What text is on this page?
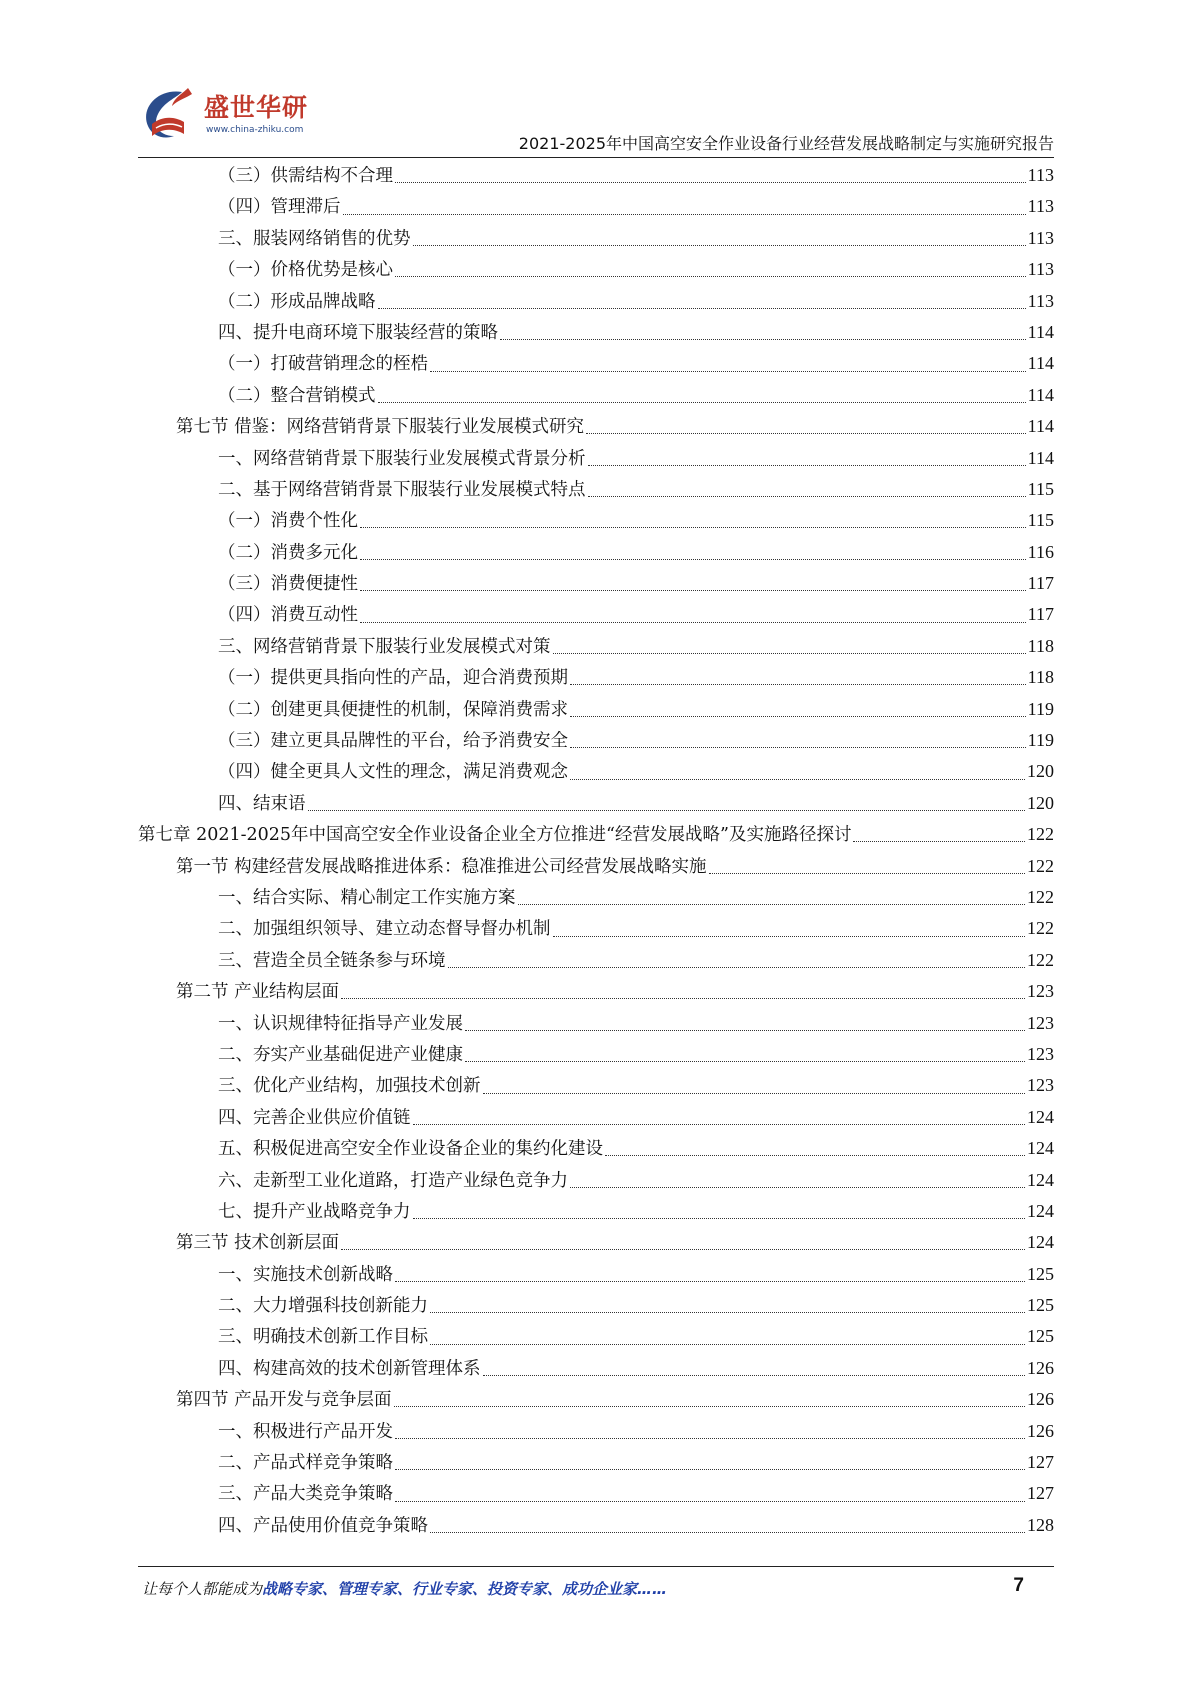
盛世华研
www.china-zhiku.com
2021-2025年中国高空安全作业设备行业经营发展战略制定与实施研究报告
（三）供需结构不合理	113
（四）管理滞后	113
三、服装网络销售的优势	113
（一）价格优势是核心	113
（二）形成品牌战略	113
四、提升电商环境下服装经营的策略	114
（一）打破营销理念的桎梏	114
（二）整合营销模式	114
第七节 借鉴：网络营销背景下服装行业发展模式研究	114
一、网络营销背景下服装行业发展模式背景分析	114
二、基于网络营销背景下服装行业发展模式特点	115
（一）消费个性化	115
（二）消费多元化	116
（三）消费便捷性	117
（四）消费互动性	117
三、网络营销背景下服装行业发展模式对策	118
（一）提供更具指向性的产品，迎合消费预期	118
（二）创建更具便捷性的机制，保障消费需求	119
（三）建立更具品牌性的平台，给予消费安全	119
（四）健全更具人文性的理念，满足消费观念	120
四、结束语	120
第七章 2021-2025年中国高空安全作业设备企业全方位推进“经营发展战略”及实施路径探讨	122
第一节 构建经营发展战略推进体系：稳准推进公司经营发展战略实施	122
一、结合实际、精心制定工作实施方案	122
二、加强组织领导、建立动态督导督办机制	122
三、营造全员全链条参与环境	122
第二节 产业结构层面	123
一、认识规律特征指导产业发展	123
二、夯实产业基础促进产业健康	123
三、优化产业结构，加强技术创新	123
四、完善企业供应价值链	124
五、积极促进高空安全作业设备企业的集约化建设	124
六、走新型工业化道路，打造产业绿色竞争力	124
七、提升产业战略竞争力	124
第三节 技术创新层面	124
一、实施技术创新战略	125
二、大力增强科技创新能力	125
三、明确技术创新工作目标	125
四、构建高效的技术创新管理体系	126
第四节 产品开发与竞争层面	126
一、积极进行产品开发	126
二、产品式样竞争策略	127
三、产品大类竞争策略	127
四、产品使用价值竞争策略	128
让每个人都能成为战略专家、管理专家、行业专家、投资专家、成功企业家……	7
